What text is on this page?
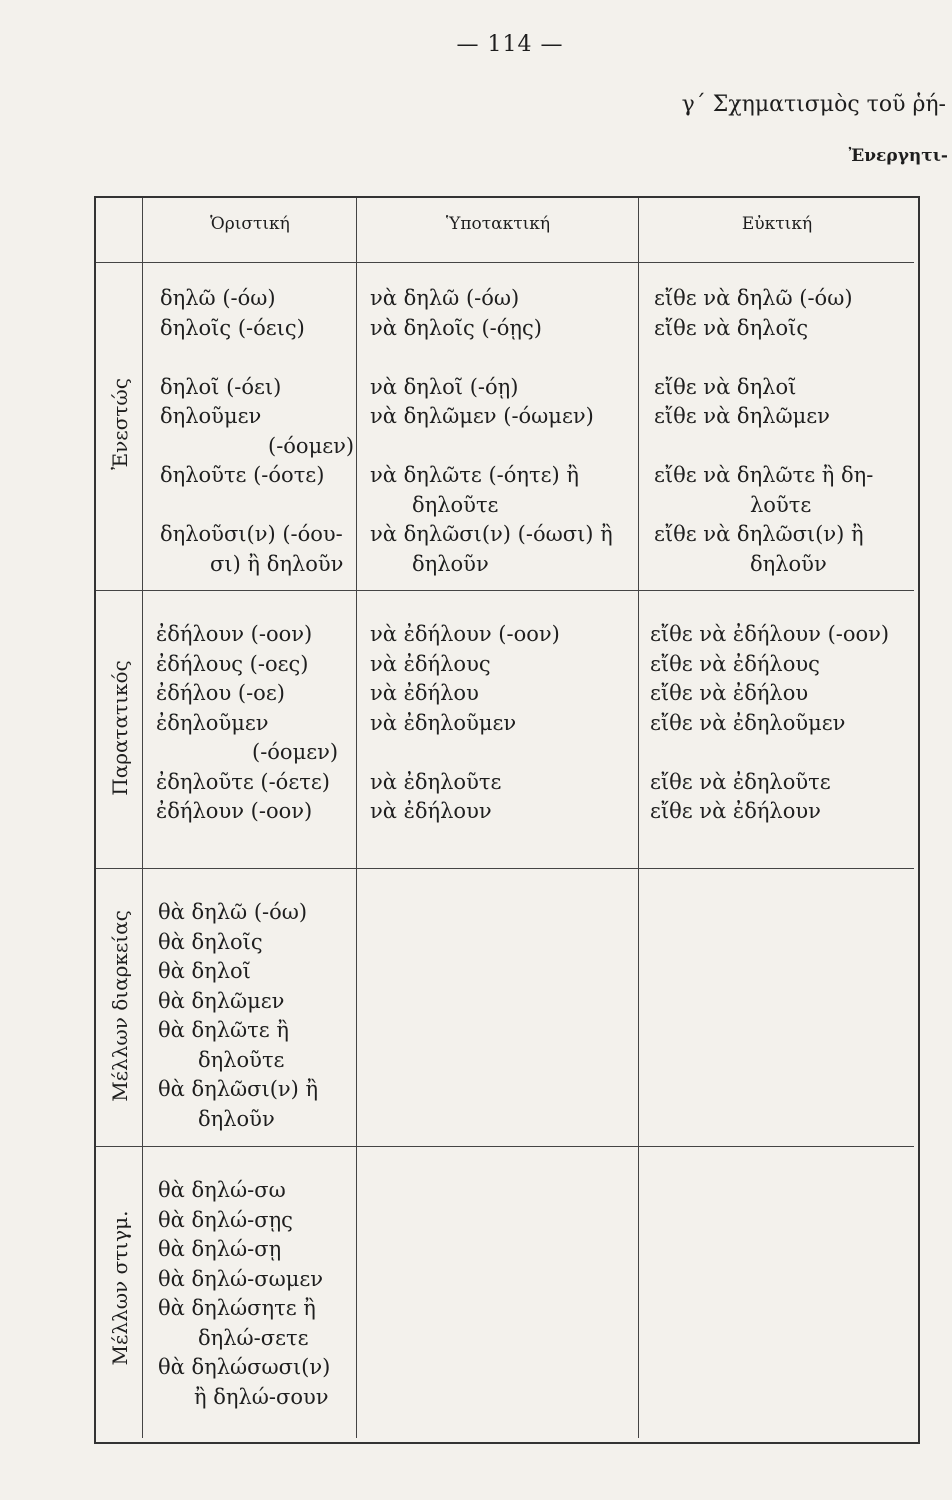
— 114 —
γ΄ Σχηματισμὸς τοῦ ῥή-
Ἐνεργητι-
Ὁριστική	Ὑποτακτική	Εὐκτική
Ἐνεστώς
Παρατατικός
Μέλλων διαρκείας
Μέλλων στιγμ.
δηλῶ (-όω)
δηλοῖς (-όεις)
δηλοῖ (-όει)
δηλοῦμεν
(-όομεν)
δηλοῦτε (-όοτε)
δηλοῦσι(ν) (-όου-
σι) ἢ δηλοῦν
νὰ δηλῶ (-όω)
νὰ δηλοῖς (-όῃς)
νὰ δηλοῖ (-όῃ)
νὰ δηλῶμεν (-όωμεν)
νὰ δηλῶτε (-όητε) ἢ
δηλοῦτε
νὰ δηλῶσι(ν) (-όωσι) ἢ
δηλοῦν
εἴθε νὰ δηλῶ (-όω)
εἴθε νὰ δηλοῖς
εἴθε νὰ δηλοῖ
εἴθε νὰ δηλῶμεν
εἴθε νὰ δηλῶτε ἢ δη-
λοῦτε
εἴθε νὰ δηλῶσι(ν) ἢ
δηλοῦν
ἐδήλουν (-οον)
ἐδήλους (-οες)
ἐδήλου (-οε)
ἐδηλοῦμεν
(-όομεν)
ἐδηλοῦτε (-όετε)
ἐδήλουν (-οον)
νὰ ἐδήλουν (-οον)
νὰ ἐδήλους
νὰ ἐδήλου
νὰ ἐδηλοῦμεν
νὰ ἐδηλοῦτε
νὰ ἐδήλουν
εἴθε νὰ ἐδήλουν (-οον)
εἴθε νὰ ἐδήλους
εἴθε νὰ ἐδήλου
εἴθε νὰ ἐδηλοῦμεν
εἴθε νὰ ἐδηλοῦτε
εἴθε νὰ ἐδήλουν
θὰ δηλῶ (-όω)
θὰ δηλοῖς
θὰ δηλοῖ
θὰ δηλῶμεν
θὰ δηλῶτε ἢ
δηλοῦτε
θὰ δηλῶσι(ν) ἢ
δηλοῦν
θὰ δηλώ-σω
θὰ δηλώ-σῃς
θὰ δηλώ-σῃ
θὰ δηλώ-σωμεν
θὰ δηλώσητε ἢ
δηλώ-σετε
θὰ δηλώσωσι(ν)
ἢ δηλώ-σουν
